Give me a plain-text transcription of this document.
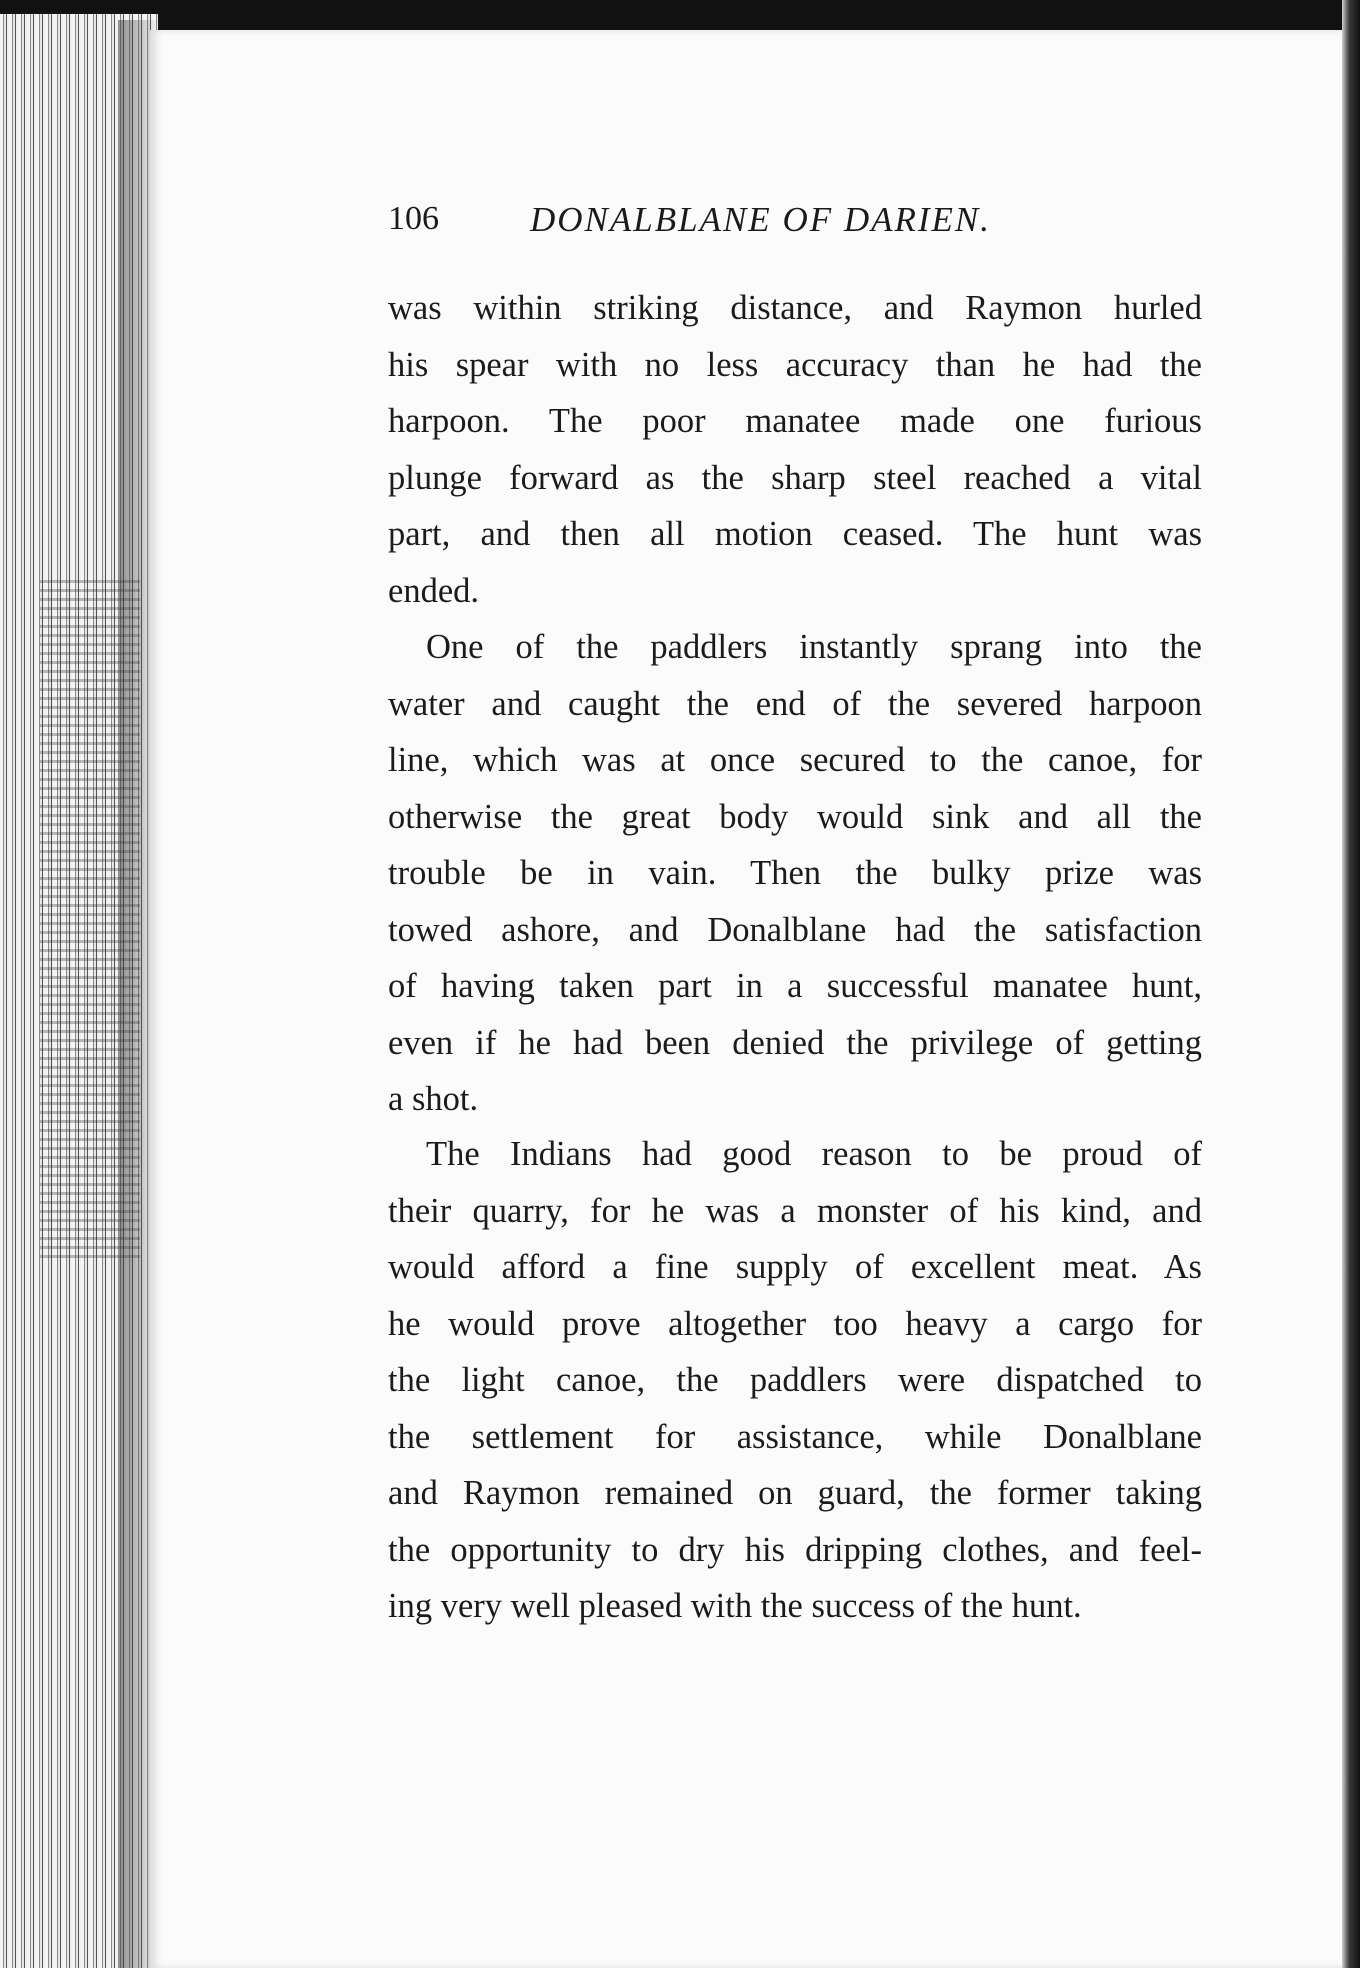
106	DONALBLANE OF DARIEN.
was within striking distance, and Raymon hurled
his spear with no less accuracy than he had the
harpoon. The poor manatee made one furious
plunge forward as the sharp steel reached a vital
part, and then all motion ceased. The hunt was
ended.
One of the paddlers instantly sprang into the
water and caught the end of the severed harpoon
line, which was at once secured to the canoe, for
otherwise the great body would sink and all the
trouble be in vain. Then the bulky prize was
towed ashore, and Donalblane had the satisfaction
of having taken part in a successful manatee hunt,
even if he had been denied the privilege of getting
a shot.
The Indians had good reason to be proud of
their quarry, for he was a monster of his kind, and
would afford a fine supply of excellent meat. As
he would prove altogether too heavy a cargo for
the light canoe, the paddlers were dispatched to
the settlement for assistance, while Donalblane
and Raymon remained on guard, the former taking
the opportunity to dry his dripping clothes, and feel-
ing very well pleased with the success of the hunt.
